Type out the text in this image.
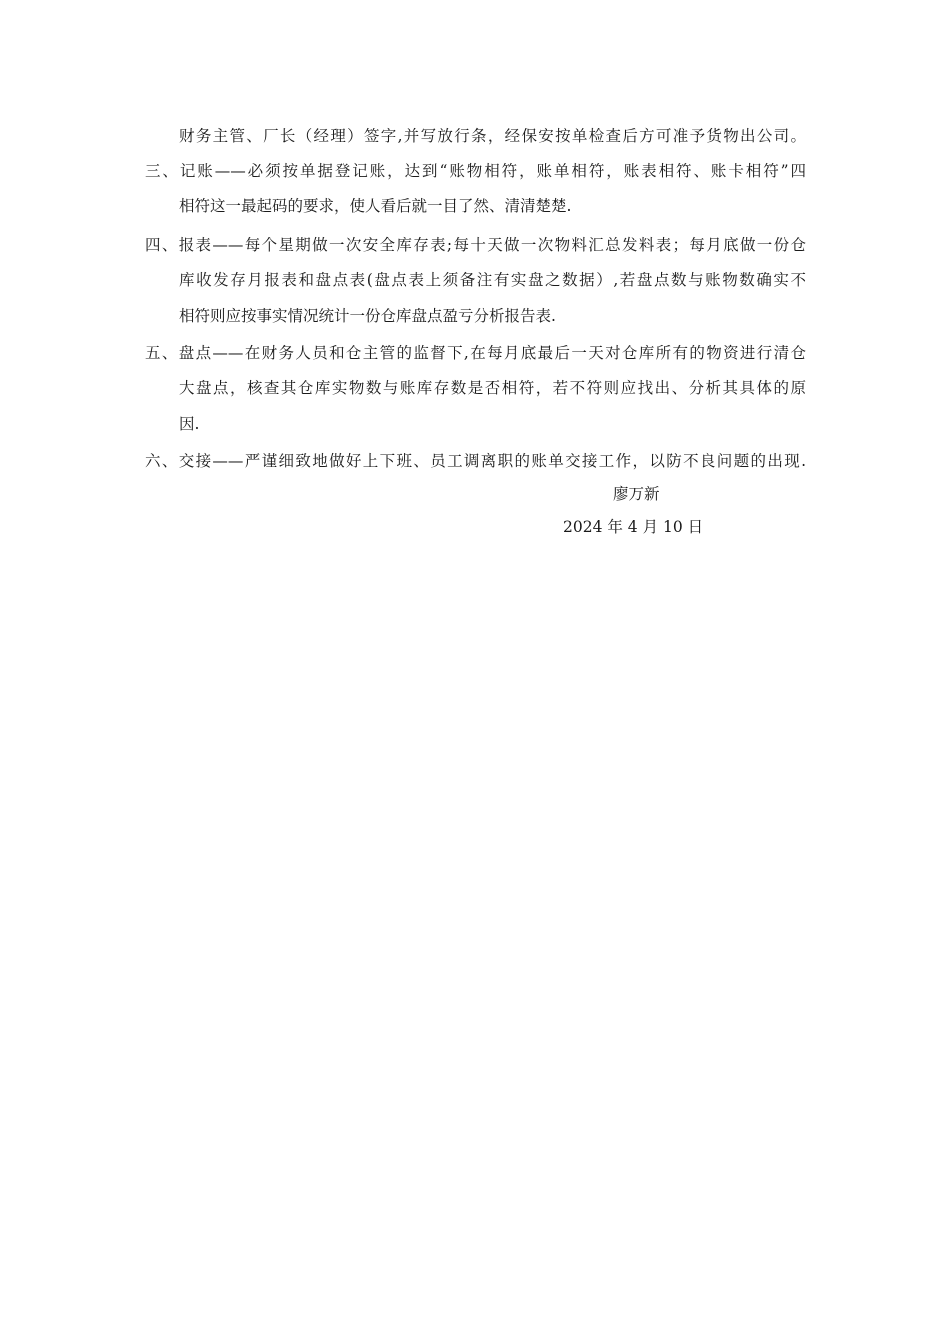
财务主管、厂长（经理）签字,并写放行条，经保安按单检查后方可准予货物出公司。
三、记账——必须按单据登记账，达到“账物相符，账单相符，账表相符、账卡相符”四
相符这一最起码的要求，使人看后就一目了然、清清楚楚.
四、报表——每个星期做一次安全库存表;每十天做一次物料汇总发料表；每月底做一份仓
库收发存月报表和盘点表(盘点表上须备注有实盘之数据）,若盘点数与账物数确实不
相符则应按事实情况统计一份仓库盘点盈亏分析报告表.
五、盘点——在财务人员和仓主管的监督下,在每月底最后一天对仓库所有的物资进行清仓
大盘点，核查其仓库实物数与账库存数是否相符，若不符则应找出、分析其具体的原
因.
六、交接——严谨细致地做好上下班、员工调离职的账单交接工作，以防不良问题的出现.
廖万新
2024 年 4 月 10 日
